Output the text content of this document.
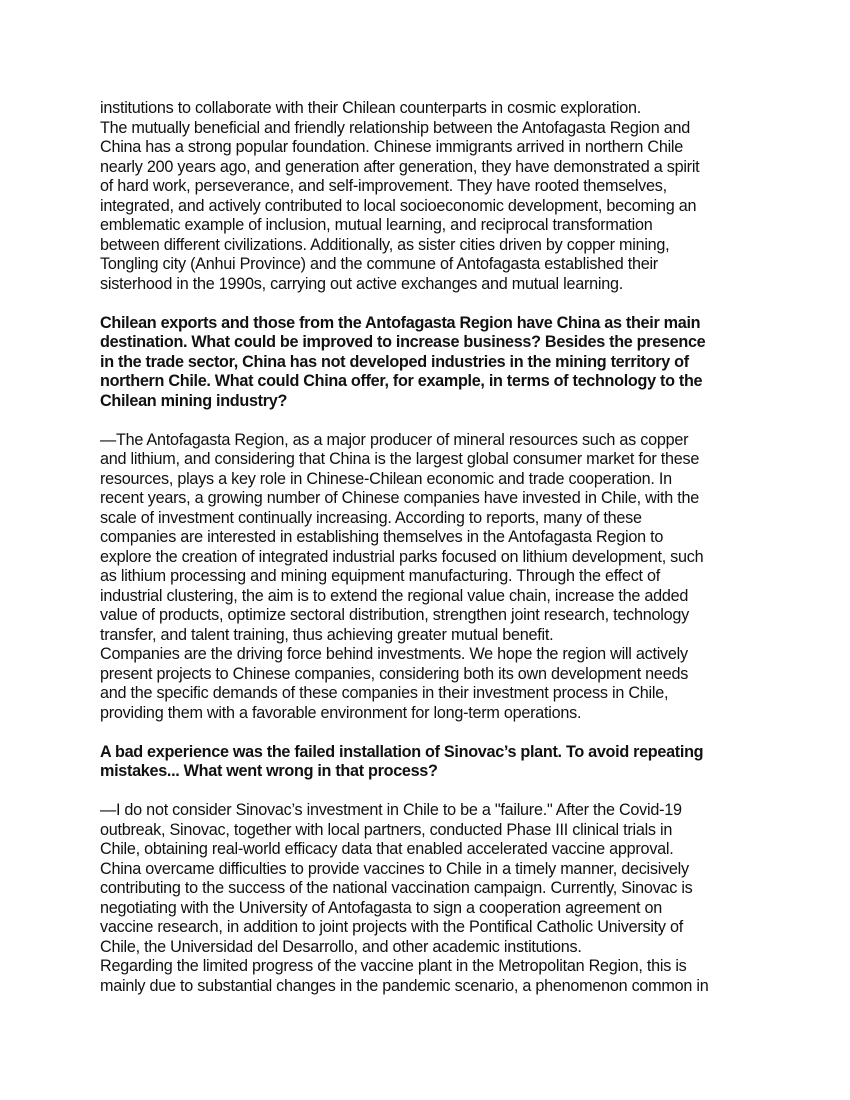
institutions to collaborate with their Chilean counterparts in cosmic exploration.
The mutually beneficial and friendly relationship between the Antofagasta Region and
China has a strong popular foundation. Chinese immigrants arrived in northern Chile
nearly 200 years ago, and generation after generation, they have demonstrated a spirit
of hard work, perseverance, and self-improvement. They have rooted themselves,
integrated, and actively contributed to local socioeconomic development, becoming an
emblematic example of inclusion, mutual learning, and reciprocal transformation
between different civilizations. Additionally, as sister cities driven by copper mining,
Tongling city (Anhui Province) and the commune of Antofagasta established their
sisterhood in the 1990s, carrying out active exchanges and mutual learning.
Chilean exports and those from the Antofagasta Region have China as their main
destination. What could be improved to increase business? Besides the presence
in the trade sector, China has not developed industries in the mining territory of
northern Chile. What could China offer, for example, in terms of technology to the
Chilean mining industry?
—The Antofagasta Region, as a major producer of mineral resources such as copper
and lithium, and considering that China is the largest global consumer market for these
resources, plays a key role in Chinese-Chilean economic and trade cooperation. In
recent years, a growing number of Chinese companies have invested in Chile, with the
scale of investment continually increasing. According to reports, many of these
companies are interested in establishing themselves in the Antofagasta Region to
explore the creation of integrated industrial parks focused on lithium development, such
as lithium processing and mining equipment manufacturing. Through the effect of
industrial clustering, the aim is to extend the regional value chain, increase the added
value of products, optimize sectoral distribution, strengthen joint research, technology
transfer, and talent training, thus achieving greater mutual benefit.
Companies are the driving force behind investments. We hope the region will actively
present projects to Chinese companies, considering both its own development needs
and the specific demands of these companies in their investment process in Chile,
providing them with a favorable environment for long-term operations.
A bad experience was the failed installation of Sinovac’s plant. To avoid repeating
mistakes... What went wrong in that process?
—I do not consider Sinovac’s investment in Chile to be a "failure." After the Covid-19
outbreak, Sinovac, together with local partners, conducted Phase III clinical trials in
Chile, obtaining real-world efficacy data that enabled accelerated vaccine approval.
China overcame difficulties to provide vaccines to Chile in a timely manner, decisively
contributing to the success of the national vaccination campaign. Currently, Sinovac is
negotiating with the University of Antofagasta to sign a cooperation agreement on
vaccine research, in addition to joint projects with the Pontifical Catholic University of
Chile, the Universidad del Desarrollo, and other academic institutions.
Regarding the limited progress of the vaccine plant in the Metropolitan Region, this is
mainly due to substantial changes in the pandemic scenario, a phenomenon common in
